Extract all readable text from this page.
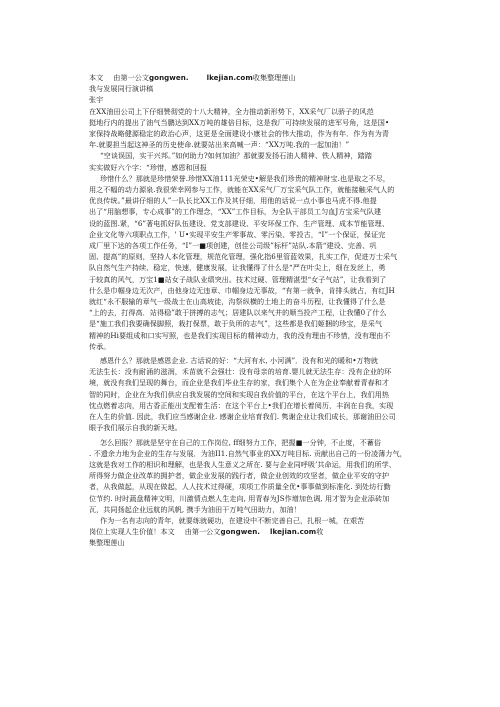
本文 由第一公文gongwen.	lkejian.com收集整理莲山
我与发展同行演讲稿
张宇
在XX油田公司上下仔细赞彻党的十八大精神，全力推动新形势下，XX采气厂以骄子的风范
挺地行内的提出了油气当鹏达到XX万吨的雄倍目标，这是我厂可持续发展的进军号角，这是国•
家保持战略健源稳定的政治心声，这更是全面建设小康社会的伟大推动，作为有年．作为有为青
年.就要担当起这神圣的历史使命.就要站出来高喊一声：“XX万吨.我的一起加油！”
“空谈误国，实干兴邦。”如何助力?如何加油？那就要发扬石油人精神、铁人精神，踏踏
实实做好六个字：“珍惜，感恩和回报
珍惜什么？那就是珍惜荣誉.珍惜XX油111光荣史•解是我们珍贵的精神财宝.也是取之不尽，
用之不幅的动力源泉.我很荣幸网参与工作，就能在XX采气厂万宝采气队工作，就能接触采气人的
优良传统。”最讲仔细的人”一队长比XX工作及其仔细，用他的话说一点小事也马虎不得.他提
出了“用脑想事，专心成事”的工作理念，“XX”工作目标，为全队干部员工匀血J方宝采气队建
设的蓝图.紧，“6”著电抓好队伍建设、党支部建设、平安环保工作、生产管理、成本节能管理、
企业文化等六项职点工作，' U•实现平安生产零事故、零污染、零投古，“I”一个保证，保证完
成厂里下达的各项工作任务，“I”一■项创建，创佳公司级”标杆”站队.本箭“建设、完善、巩
固、提高”的原则，坚持人本化管理，规范化管理，强化指6里管蓝效果，扎实工作，促进万士采气
队自然气生产持续、稳定，快速，健康发展，让我懂得了什么是“严在叶尖上，细在发丝上，勇
于较真的风气，万宝1■站女子战队业绩突出。技术过硬、管理精湛型“女子气站”，让我看到了
什么是巾帼身边无次产，由他身边无违章、巾帼身边无事故，“有第一就争，肯排头就占，有红JH
就红“永不服输的章气一级战士在山高坡徒，沟祭纵横的土地上的奋斗历程，让我懂得了什么是
“上的去，打得高．站得稳”敢于拼搏的志气；居建队以来气井的顺当投产工程，让我懂0了什么
是“施工我们我要确保脚照，栽打保票，敢于负所的志气”，这些都是我们姬捆的珍宝，是采气
精神的Hi要组成和口实写照，也是我们实现目标的精神动力，我的没有理由不珍惜，没有理由不
传承。
感恩什么？那就是感恩企业. 古话说的好：“大河有水, 小河满”．没有和光的暖和•万物就
无法生长：没有耐涌的滋润，禾苗就不会强壮：没有母亲的培育.婴儿就无法生存：没有企业的环
境，就没有我们呈现的舞台，而企业是我们毕业生存的家，我们集个人在为企业奉献着青春和才
智的同时，企业在为我们供应自我发展的空间和实现自我价值的平台，在这个平台上，我们用热
忱点燃着志向，用古香正能出支配着生活：在这个平台上•我们在增长着阅历，丰润在自我，实现
在人生的价值. 因此，我们应当感谢企业. 感谢企业培育我们. 隽谢企业让我们成长，那谢油田公司
眼予我们展示自我的新天地。
怎么回报？那就是坚守在自己的工作岗位, ff细努力工作，把握■一分钟，不止度，不蓄俗
. 不遗余力地为企业的生存与发展．为油II1.自然气事业的XX万吨目标. 贡献出自己的一份凌薄力气，
这就是我对工作的相识和理解，也是我人生意义之所在. 要与企业同呼吸’共命运，用我们的所学、
所得努力做企业改革的拥护者，做企业发展的践行者，做企业创效的攻坚者，做企业平安的守护
者，从我做起，从现在做起，人人技术过得硬，项项工作质量全优•事事做到标准化. 到处坊行勤
位节约. 时时蔬盘精神文明，川激情点燃人生走向, 用青春为JS作增加色调, 用才智为企业添砖加
瓦，共同扬起企业远航的风帆, 携手为油田干万吨气田助力，加油！
作为一名有志向的青年，就要练就硬功，在建设中不断完善自己，扎根一城，在艰苦
岗位上实现人生价值！本文 由第一公文gongwen. lkejian.com收
集整理莲山
